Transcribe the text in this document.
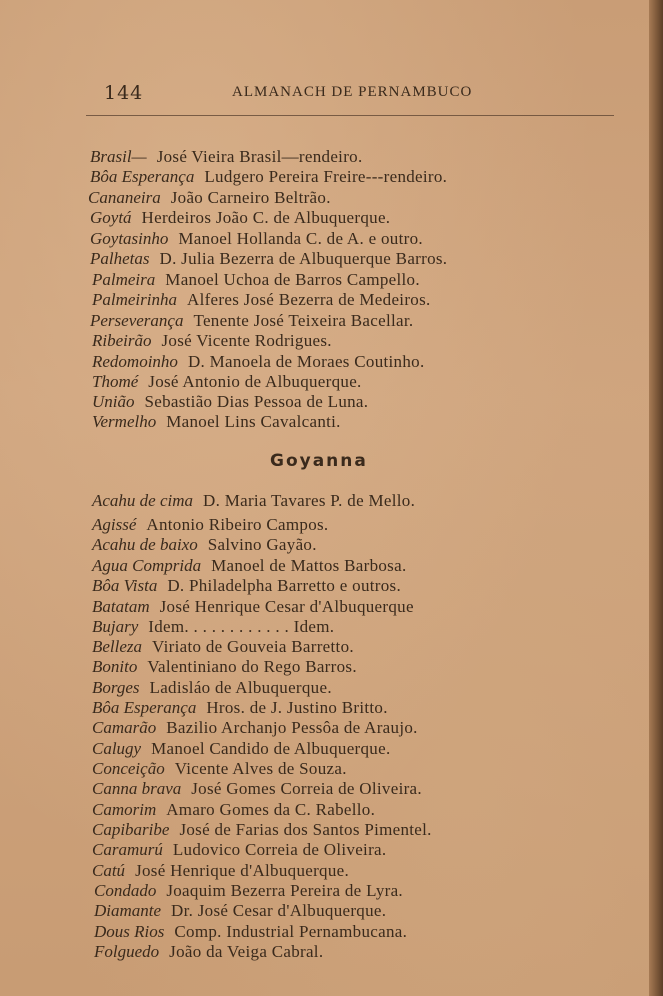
144	ALMANACH DE PERNAMBUCO
Brasil— José Vieira Brasil—rendeiro.
Bôa Esperança Ludgero Pereira Freire---rendeiro.
Cananeira João Carneiro Beltrão.
Goytá Herdeiros João C. de Albuquerque.
Goytasinho Manoel Hollanda C. de A. e outro.
Palhetas D. Julia Bezerra de Albuquerque Barros.
Palmeira Manoel Uchoa de Barros Campello.
Palmeirinha Alferes José Bezerra de Medeiros.
Perseverança Tenente José Teixeira Bacellar.
Ribeirão José Vicente Rodrigues.
Redomoinho D. Manoela de Moraes Coutinho.
Thomé José Antonio de Albuquerque.
União Sebastião Dias Pessoa de Luna.
Vermelho Manoel Lins Cavalcanti.
Goyanna
Acahu de cima D. Maria Tavares P. de Mello.
Agissé Antonio Ribeiro Campos.
Acahu de baixo Salvino Gayão.
Agua Comprida Manoel de Mattos Barbosa.
Bôa Vista D. Philadelpha Barretto e outros.
Batatam José Henrique Cesar d'Albuquerque
Bujary Idem. . . . . . . . . . . . Idem.
Belleza Viriato de Gouveia Barretto.
Bonito Valentiniano do Rego Barros.
Borges Ladisláo de Albuquerque.
Bôa Esperança Hros. de J. Justino Britto.
Camarão Bazilio Archanjo Pessôa de Araujo.
Calugy Manoel Candido de Albuquerque.
Conceição Vicente Alves de Souza.
Canna brava José Gomes Correia de Oliveira.
Camorim Amaro Gomes da C. Rabello.
Capibaribe José de Farias dos Santos Pimentel.
Caramurú Ludovico Correia de Oliveira.
Catú José Henrique d'Albuquerque.
Condado Joaquim Bezerra Pereira de Lyra.
Diamante Dr. José Cesar d'Albuquerque.
Dous Rios Comp. Industrial Pernambucana.
Folguedo João da Veiga Cabral.
